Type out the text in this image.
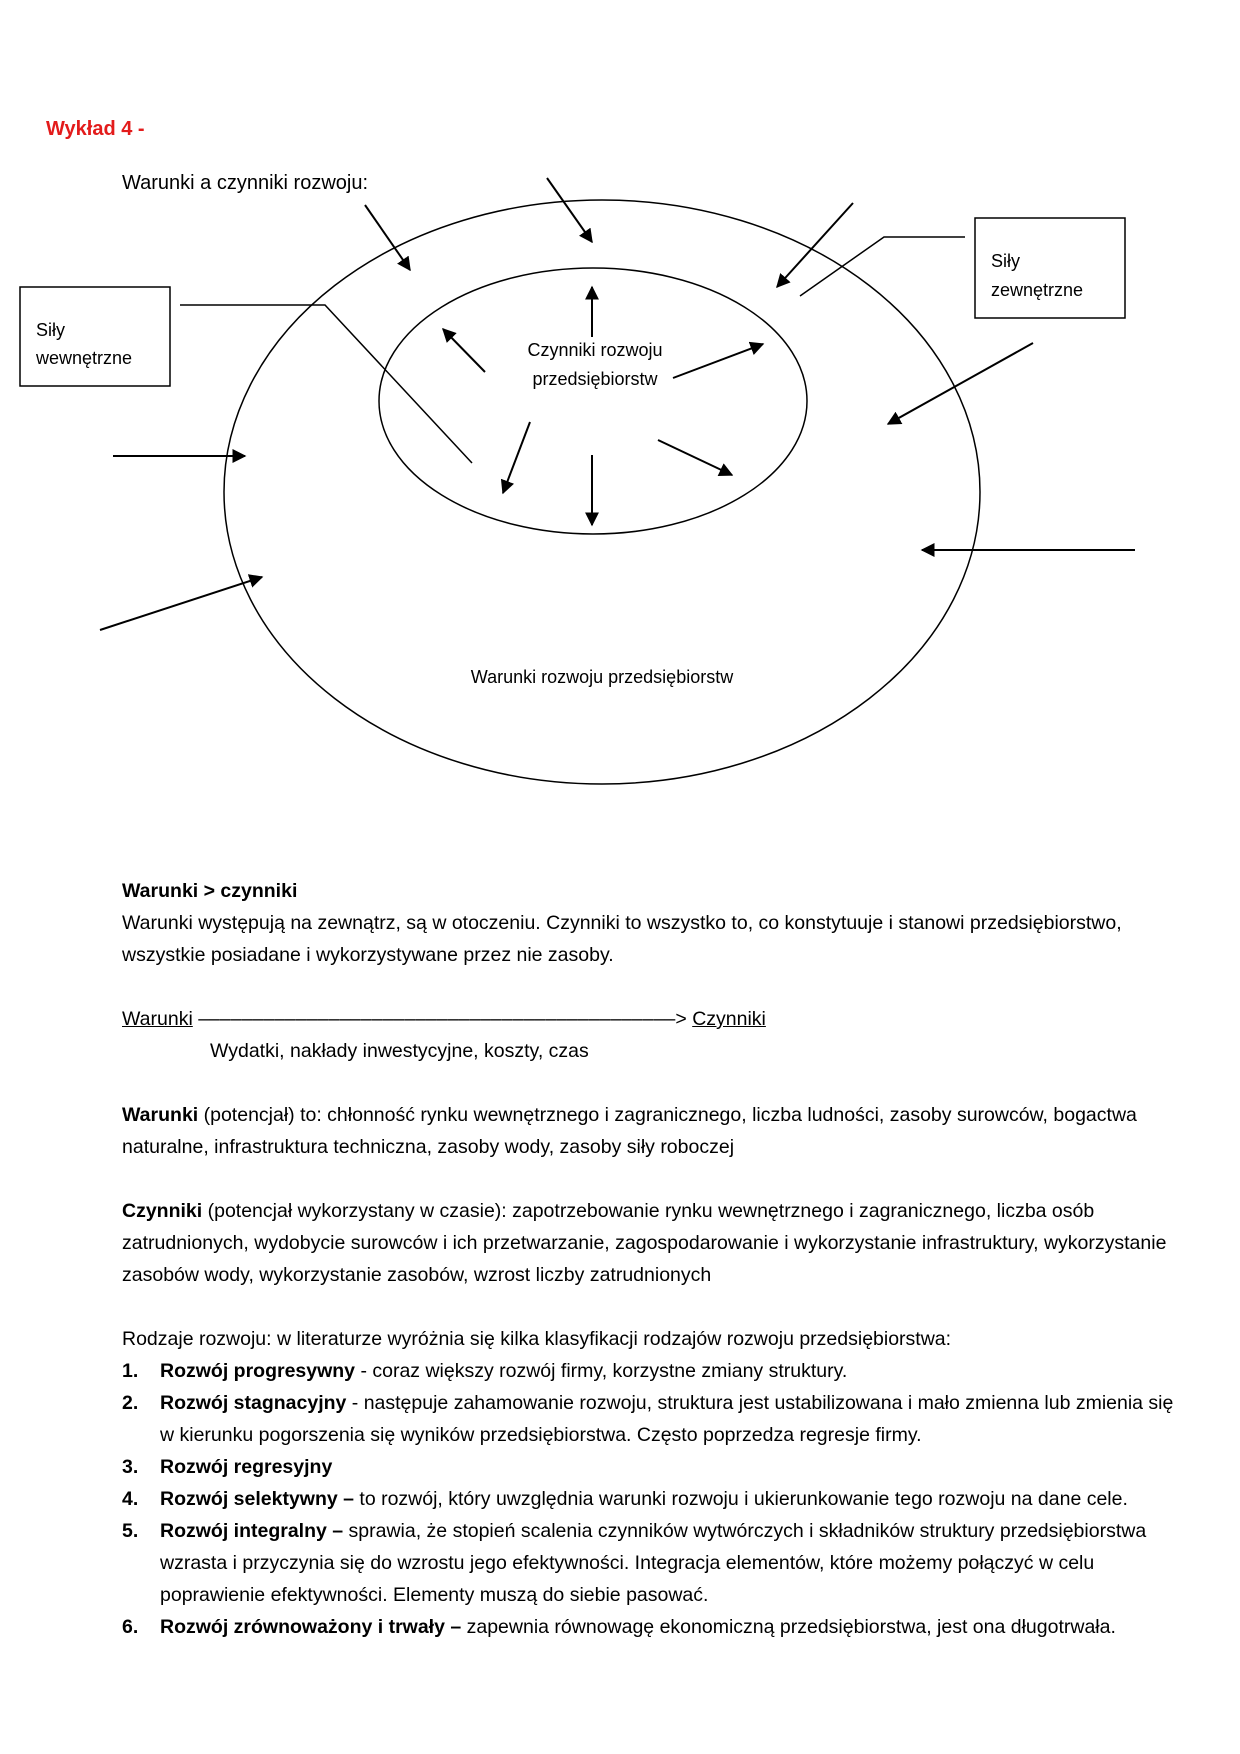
Wykład 4 -
Warunki a czynniki rozwoju:
Siły
wewnętrzne
Siły
zewnętrzne
Czynniki rozwoju
przedsiębiorstw
Warunki rozwoju przedsiębiorstw

Warunki > czynniki

Warunki występują na zewnątrz, są w otoczeniu. Czynniki to wszystko to, co konstytuuje i stanowi przedsiębiorstwo, wszystkie posiadane i wykorzystywane przez nie zasoby.

Warunki ––––––––––––––––––––––––––––––––––––––––––––> Czynniki

Wydatki, nakłady inwestycyjne, koszty, czas

Warunki (potencjał) to: chłonność rynku wewnętrznego i zagranicznego, liczba ludności, zasoby surowców, bogactwa naturalne, infrastruktura techniczna, zasoby wody, zasoby siły roboczej

Czynniki (potencjał wykorzystany w czasie): zapotrzebowanie rynku wewnętrznego i zagranicznego, liczba osób zatrudnionych, wydobycie surowców i ich przetwarzanie, zagospodarowanie i wykorzystanie infrastruktury, wykorzystanie zasobów wody, wykorzystanie zasobów, wzrost liczby zatrudnionych

Rodzaje rozwoju: w literaturze wyróżnia się kilka klasyfikacji rodzajów rozwoju przedsiębiorstwa:

1. Rozwój progresywny - coraz większy rozwój firmy, korzystne zmiany struktury.
2. Rozwój stagnacyjny - następuje zahamowanie rozwoju, struktura jest ustabilizowana i mało zmienna lub zmienia się w kierunku pogorszenia się wyników przedsiębiorstwa. Często poprzedza regresje firmy.
3. Rozwój regresyjny
4. Rozwój selektywny – to rozwój, który uwzględnia warunki rozwoju i ukierunkowanie tego rozwoju na dane cele.
5. Rozwój integralny – sprawia, że stopień scalenia czynników wytwórczych i składników struktury przedsiębiorstwa wzrasta i przyczynia się do wzrostu jego efektywności. Integracja elementów, które możemy połączyć w celu poprawienie efektywności. Elementy muszą do siebie pasować.
6. Rozwój zrównoważony i trwały – zapewnia równowagę ekonomiczną przedsiębiorstwa, jest ona długotrwała.
